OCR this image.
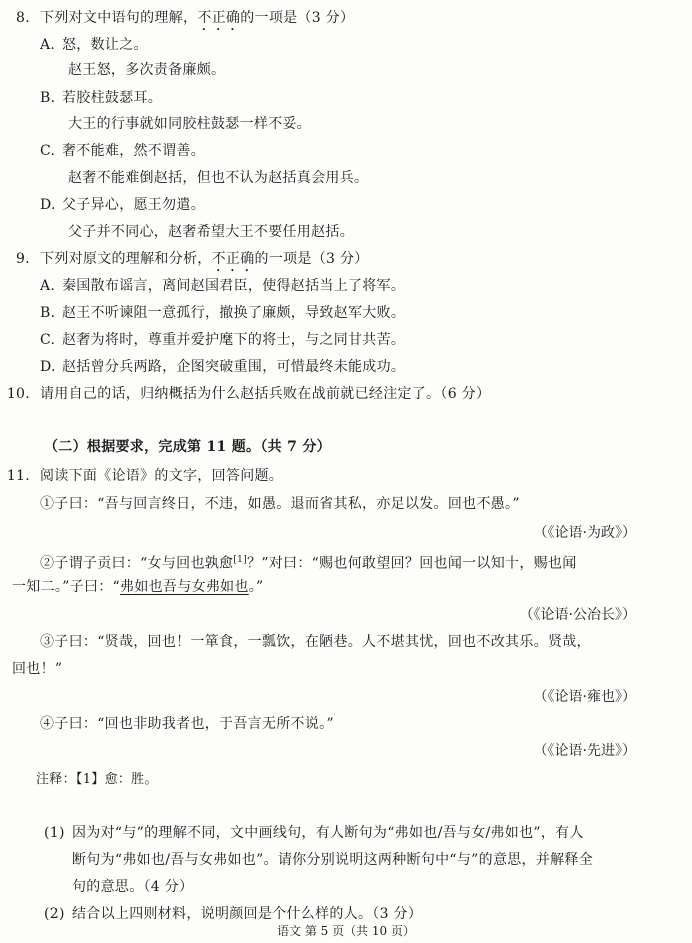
8. 下列对文中语句的理解，不正确的一项是（3 分）
A. 怒，数让之。
赵王怒，多次责备廉颇。
B. 若胶柱鼓瑟耳。
大王的行事就如同胶柱鼓瑟一样不妥。
C. 奢不能难，然不谓善。
赵奢不能难倒赵括，但也不认为赵括真会用兵。
D. 父子异心，愿王勿遣。
父子并不同心，赵奢希望大王不要任用赵括。
9. 下列对原文的理解和分析，不正确的一项是（3 分）
A. 秦国散布谣言，离间赵国君臣，使得赵括当上了将军。
B. 赵王不听谏阻一意孤行，撤换了廉颇，导致赵军大败。
C. 赵奢为将时，尊重并爱护麾下的将士，与之同甘共苦。
D. 赵括曾分兵两路，企图突破重围，可惜最终未能成功。
10. 请用自己的话，归纳概括为什么赵括兵败在战前就已经注定了。（6 分）
（二）根据要求，完成第 11 题。（共 7 分）
11. 阅读下面《论语》的文字，回答问题。
①子曰：“吾与回言终日，不违，如愚。退而省其私，亦足以发。回也不愚。”
（《论语·为政》）
②子谓子贡曰：“女与回也孰愈[1]？”对曰：“赐也何敢望回？回也闻一以知十，赐也闻
一知二。”子曰：“弗如也吾与女弗如也。”
（《论语·公冶长》）
③子曰：“贤哉，回也！一箪食，一瓢饮，在陋巷。人不堪其忧，回也不改其乐。贤哉，
回也！”
（《论语·雍也》）
④子曰：“回也非助我者也，于吾言无所不说。”
（《论语·先进》）
注释：【1】愈：胜。
(1) 因为对“与”的理解不同，文中画线句，有人断句为“弗如也/吾与女/弗如也”，有人
断句为“弗如也/吾与女弗如也”。请你分别说明这两种断句中“与”的意思，并解释全
句的意思。（4 分）
(2) 结合以上四则材料，说明颜回是个什么样的人。（3 分）
语文 第 5 页（共 10 页）
